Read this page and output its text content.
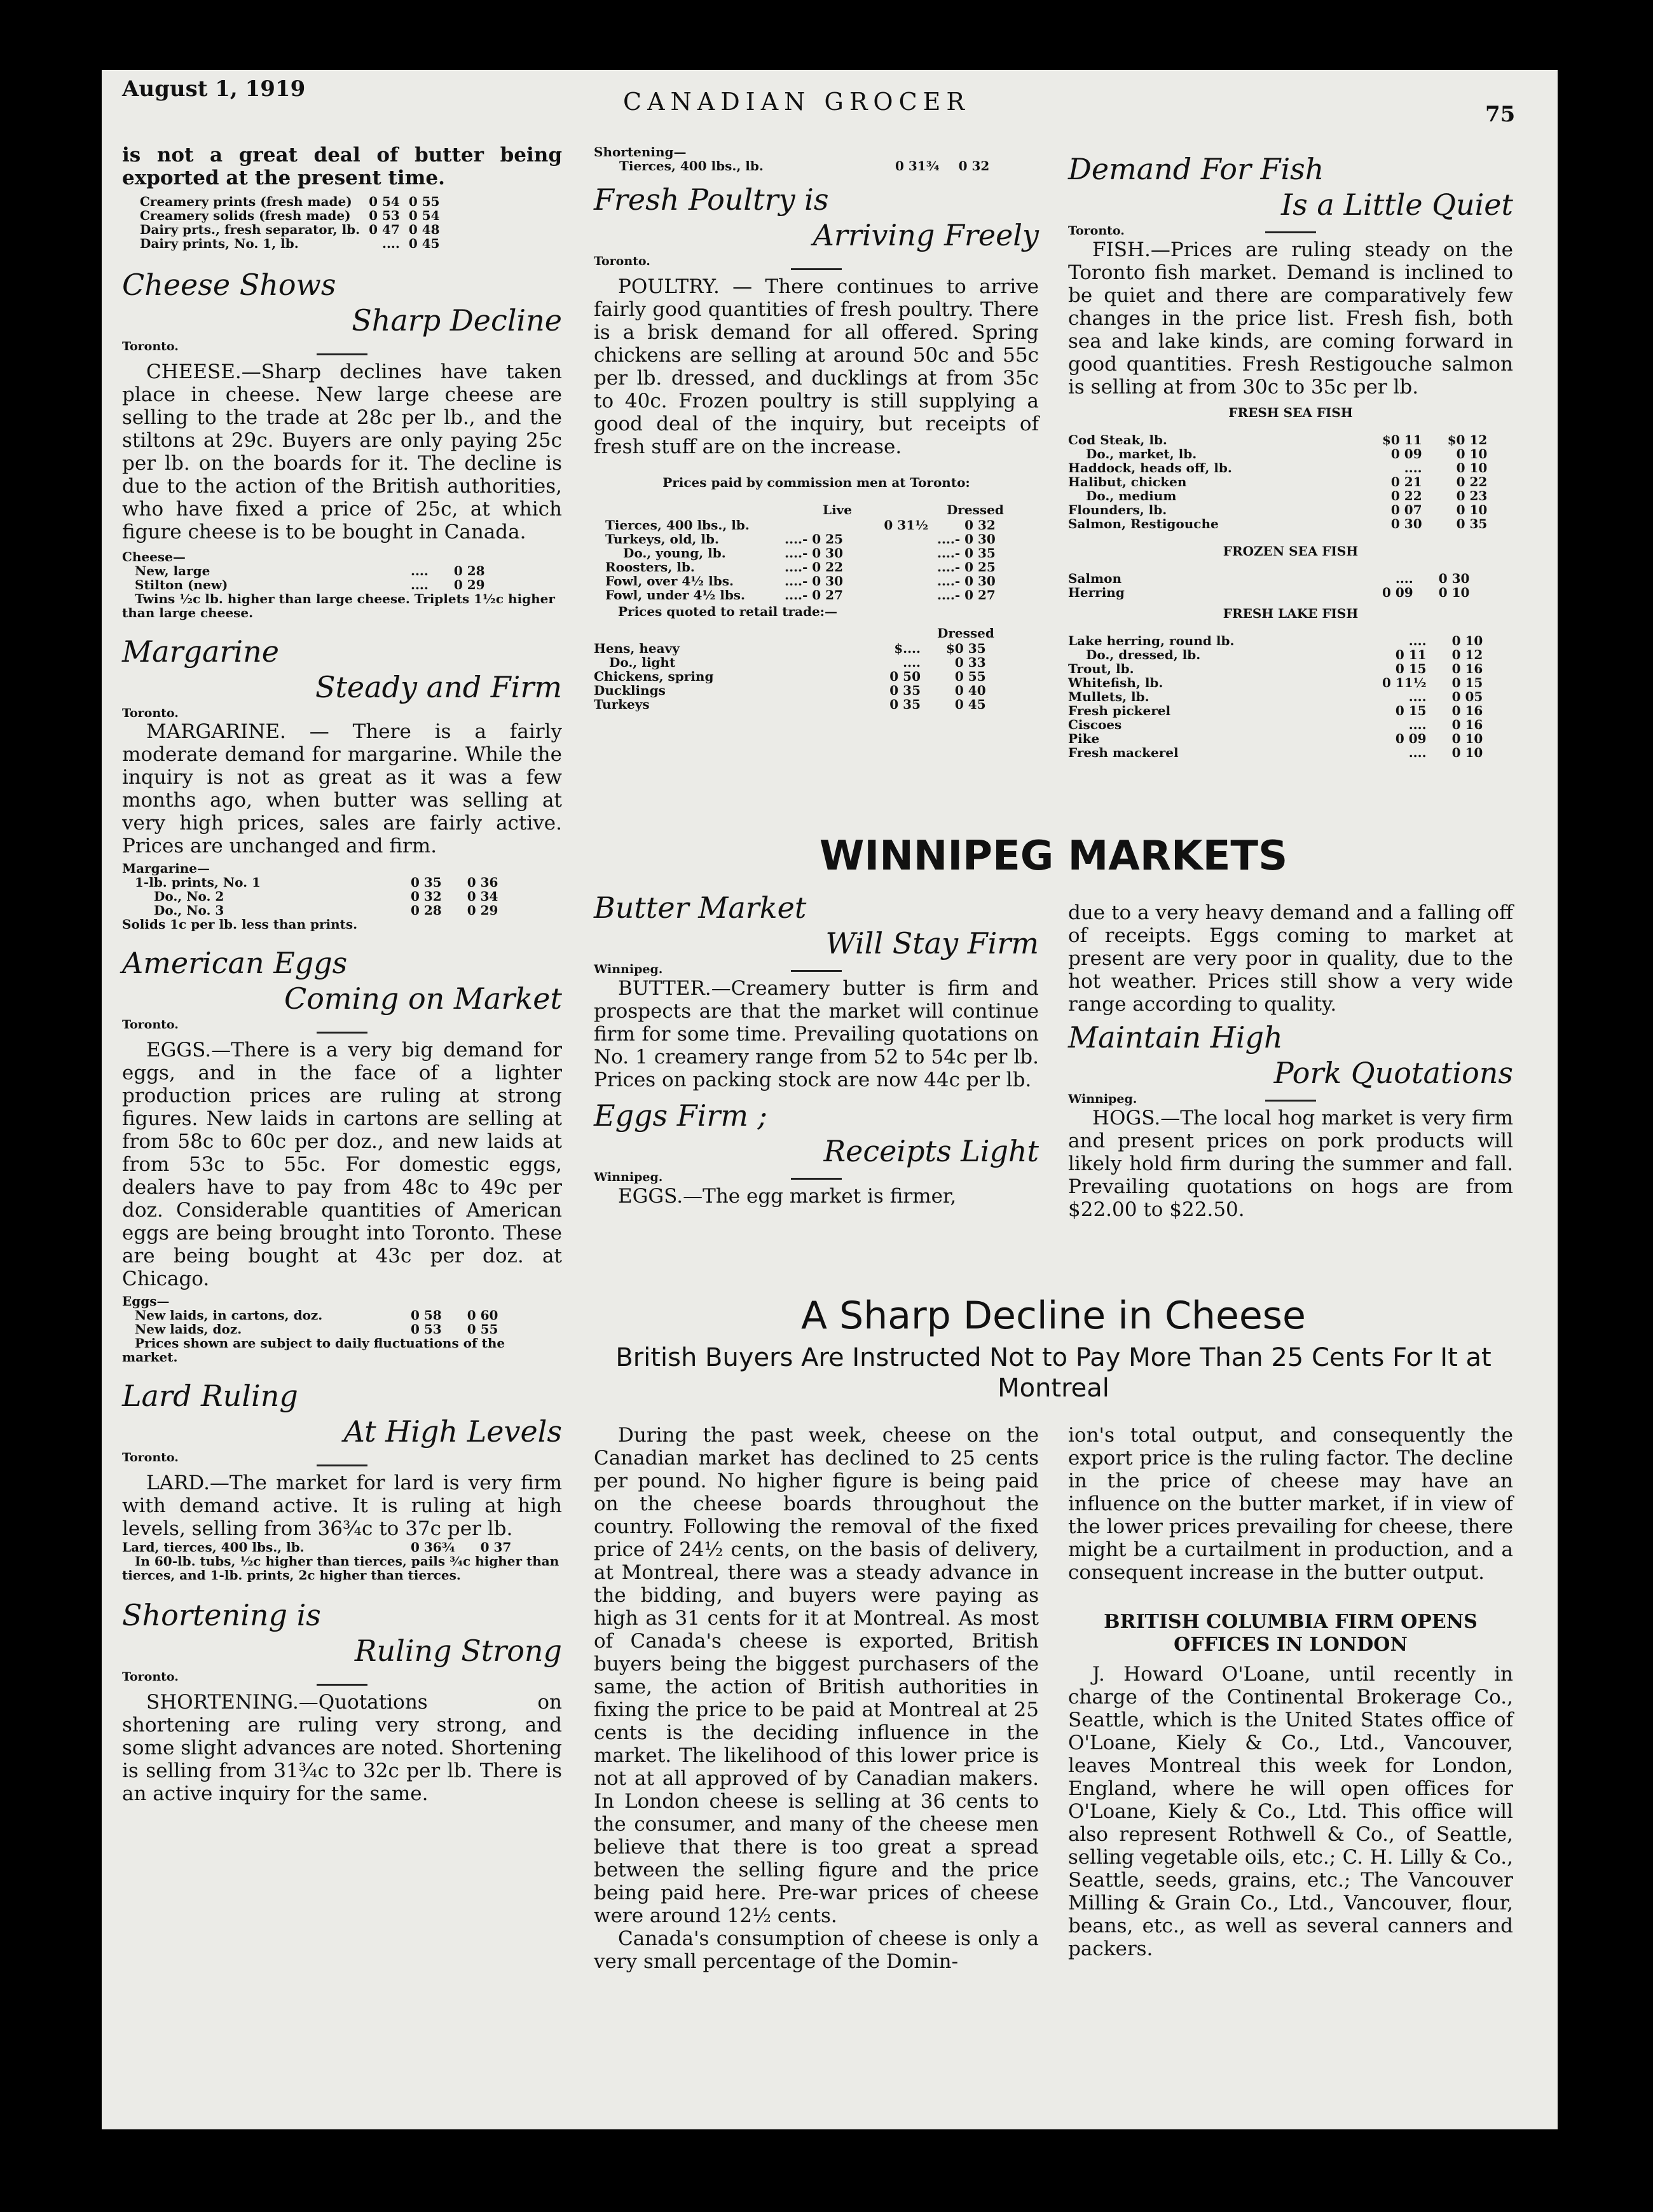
August 1, 1919	CANADIAN GROCER	75

is not a great deal of butter being exported at the present time.

Creamery prints (fresh made)	0 54	0 55
Creamery solids (fresh made)	0 53	0 54
Dairy prts., fresh separator, lb.	0 47	0 48
Dairy prints, No. 1, lb.	....	0 45

Cheese Shows

Sharp Decline

Toronto.

CHEESE.—Sharp declines have taken place in cheese. New large cheese are selling to the trade at 28c per lb., and the stiltons at 29c. Buyers are only paying 25c per lb. on the boards for it. The decline is due to the action of the British authorities, who have fixed a price of 25c, at which figure cheese is to be bought in Canada.

Cheese—

New, large	....	0 28
Stilton (new)	....	0 29

Twins ½c lb. higher than large cheese. Triplets 1½c higher than large cheese.

Margarine

Steady and Firm

Toronto.

MARGARINE. — There is a fairly moderate demand for margarine. While the inquiry is not as great as it was a few months ago, when butter was selling at very high prices, sales are fairly active. Prices are unchanged and firm.

Margarine—

1-lb. prints, No. 1	0 35	0 36
Do., No. 2	0 32	0 34
Do., No. 3	0 28	0 29

Solids 1c per lb. less than prints.

American Eggs

Coming on Market

Toronto.

EGGS.—There is a very big demand for eggs, and in the face of a lighter production prices are ruling at strong figures. New laids in cartons are selling at from 58c to 60c per doz., and new laids at from 53c to 55c. For domestic eggs, dealers have to pay from 48c to 49c per doz. Considerable quantities of American eggs are being brought into Toronto. These are being bought at 43c per doz. at Chicago.

Eggs—

New laids, in cartons, doz.	0 58	0 60
New laids, doz.	0 53	0 55

Prices shown are subject to daily fluctuations of the market.

Lard Ruling

At High Levels

Toronto.

LARD.—The market for lard is very firm with demand active. It is ruling at high levels, selling from 36¾c to 37c per lb.

Lard, tierces, 400 lbs., lb.	0 36¾	0 37

In 60-lb. tubs, ½c higher than tierces, pails ¾c higher than tierces, and 1-lb. prints, 2c higher than tierces.

Shortening is

Ruling Strong

Toronto.

SHORTENING.—Quotations on shortening are ruling very strong, and some slight advances are noted. Shortening is selling from 31¾c to 32c per lb. There is an active inquiry for the same.

Shortening—

Tierces, 400 lbs., lb.	0 31¾	0 32

Fresh Poultry is

Arriving Freely

Toronto.

POULTRY. — There continues to arrive fairly good quantities of fresh poultry. There is a brisk demand for all offered. Spring chickens are selling at around 50c and 55c per lb. dressed, and ducklings at from 35c to 40c. Frozen poultry is still supplying a good deal of the inquiry, but receipts of fresh stuff are on the increase.

Prices paid by commission men at Toronto:

Live	Dressed
Tierces, 400 lbs., lb.		0 31½	0 32
Turkeys, old, lb.	....- 0 25		....- 0 30
Do., young, lb.	....- 0 30		....- 0 35
Roosters, lb.	....- 0 22		....- 0 25
Fowl, over 4½ lbs.	....- 0 30		....- 0 30
Fowl, under 4½ lbs.	....- 0 27		....- 0 27

Prices quoted to retail trade:—

Dressed
Hens, heavy	$....	$0 35
Do., light	....	0 33
Chickens, spring	0 50	0 55
Ducklings	0 35	0 40
Turkeys	0 35	0 45

Demand For Fish

Is a Little Quiet

Toronto.

FISH.—Prices are ruling steady on the Toronto fish market. Demand is inclined to be quiet and there are comparatively few changes in the price list. Fresh fish, both sea and lake kinds, are coming forward in good quantities. Fresh Restigouche salmon is selling at from 30c to 35c per lb.

FRESH SEA FISH

Cod Steak, lb.	$0 11	$0 12
Do., market, lb.	0 09	0 10
Haddock, heads off, lb.	....	0 10
Halibut, chicken	0 21	0 22
Do., medium	0 22	0 23
Flounders, lb.	0 07	0 10
Salmon, Restigouche	0 30	0 35

FROZEN SEA FISH

Salmon	....	0 30
Herring	0 09	0 10

FRESH LAKE FISH

Lake herring, round lb.	....	0 10
Do., dressed, lb.	0 11	0 12
Trout, lb.	0 15	0 16
Whitefish, lb.	0 11½	0 15
Mullets, lb.	....	0 05
Fresh pickerel	0 15	0 16
Ciscoes	....	0 16
Pike	0 09	0 10
Fresh mackerel	....	0 10
WINNIPEG MARKETS

Butter Market

Will Stay Firm

Winnipeg.

BUTTER.—Creamery butter is firm and prospects are that the market will continue firm for some time. Prevailing quotations on No. 1 creamery range from 52 to 54c per lb. Prices on packing stock are now 44c per lb.

Eggs Firm ;

Receipts Light

Winnipeg.

EGGS.—The egg market is firmer,

due to a very heavy demand and a falling off of receipts. Eggs coming to market at present are very poor in quality, due to the hot weather. Prices still show a very wide range according to quality.

Maintain High

Pork Quotations

Winnipeg.

HOGS.—The local hog market is very firm and present prices on pork products will likely hold firm during the summer and fall. Prevailing quotations on hogs are from $22.00 to $22.50.

A Sharp Decline in Cheese
British Buyers Are Instructed Not to Pay More Than 25 Cents For It at Montreal

During the past week, cheese on the Canadian market has declined to 25 cents per pound. No higher figure is being paid on the cheese boards throughout the country. Following the removal of the fixed price of 24½ cents, on the basis of delivery, at Montreal, there was a steady advance in the bidding, and buyers were paying as high as 31 cents for it at Montreal. As most of Canada's cheese is exported, British buyers being the biggest purchasers of the same, the action of British authorities in fixing the price to be paid at Montreal at 25 cents is the deciding influence in the market. The likelihood of this lower price is not at all approved of by Canadian makers. In London cheese is selling at 36 cents to the consumer, and many of the cheese men believe that there is too great a spread between the selling figure and the price being paid here. Pre-war prices of cheese were around 12½ cents.

Canada's consumption of cheese is only a very small percentage of the Domin-

ion's total output, and consequently the export price is the ruling factor. The decline in the price of cheese may have an influence on the butter market, if in view of the lower prices prevailing for cheese, there might be a curtailment in production, and a consequent increase in the butter output.

BRITISH COLUMBIA FIRM OPENS OFFICES IN LONDON

J. Howard O'Loane, until recently in charge of the Continental Brokerage Co., Seattle, which is the United States office of O'Loane, Kiely & Co., Ltd., Vancouver, leaves Montreal this week for London, England, where he will open offices for O'Loane, Kiely & Co., Ltd. This office will also represent Rothwell & Co., of Seattle, selling vegetable oils, etc.; C. H. Lilly & Co., Seattle, seeds, grains, etc.; The Vancouver Milling & Grain Co., Ltd., Vancouver, flour, beans, etc., as well as several canners and packers.
